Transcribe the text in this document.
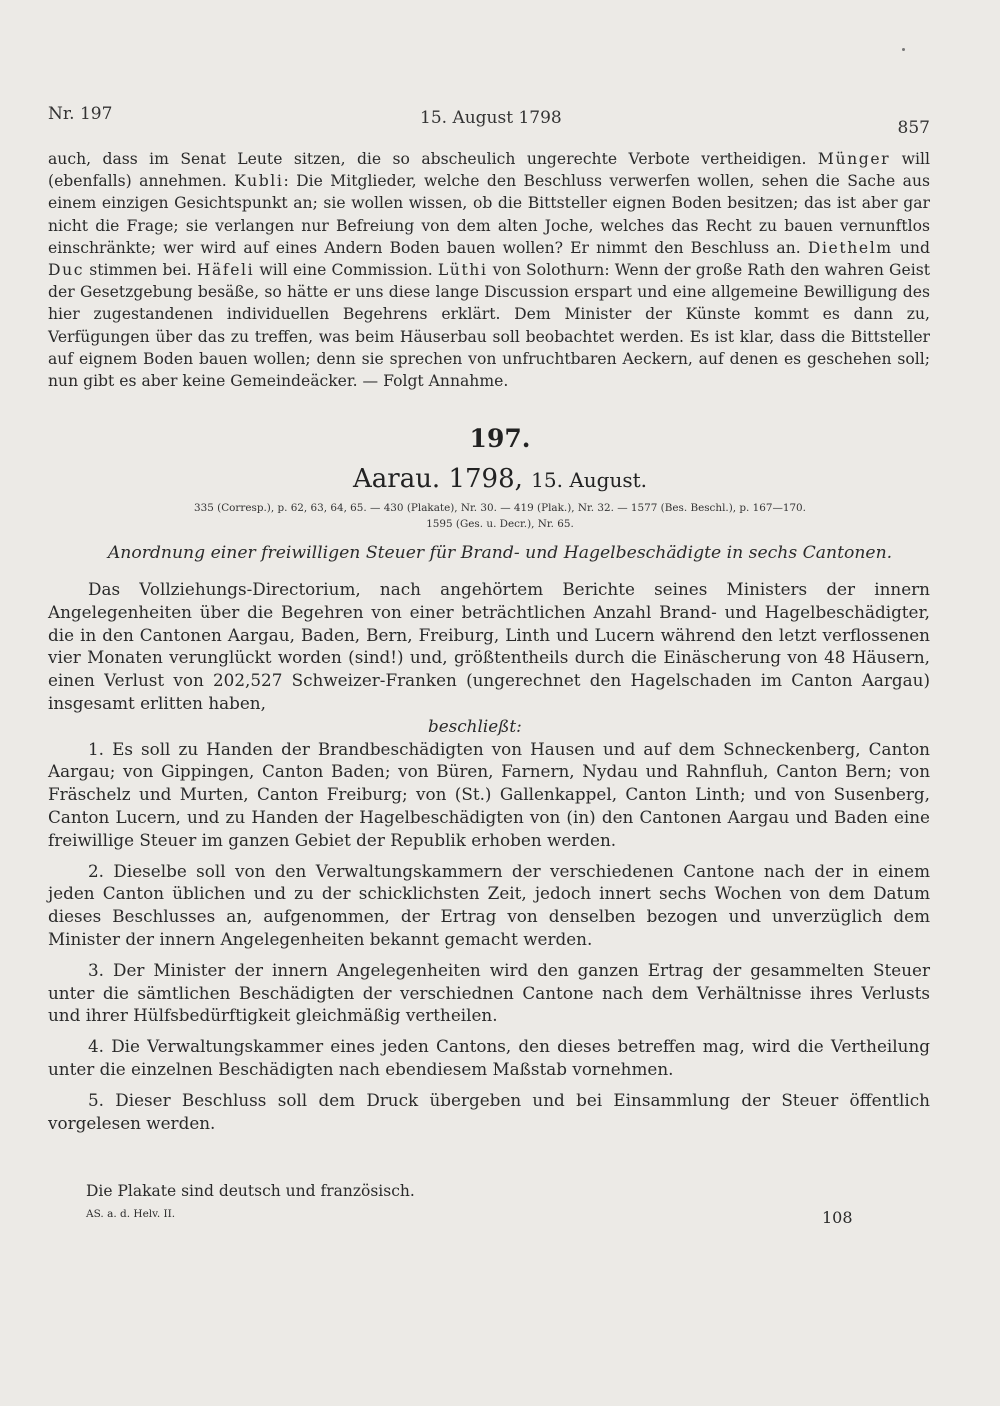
Nr. 197	15. August 1798	857

auch, dass im Senat Leute sitzen, die so abscheulich ungerechte Verbote vertheidigen. Münger will (ebenfalls) annehmen. Kubli: Die Mitglieder, welche den Beschluss verwerfen wollen, sehen die Sache aus einem einzigen Gesichtspunkt an; sie wollen wissen, ob die Bittsteller eignen Boden besitzen; das ist aber gar nicht die Frage; sie verlangen nur Befreiung von dem alten Joche, welches das Recht zu bauen vernunftlos einschränkte; wer wird auf eines Andern Boden bauen wollen? Er nimmt den Beschluss an. Diethelm und Duc stimmen bei. Häfeli will eine Commission. Lüthi von Solothurn: Wenn der große Rath den wahren Geist der Gesetzgebung besäße, so hätte er uns diese lange Discussion erspart und eine allgemeine Bewilligung des hier zugestandenen individuellen Begehrens erklärt. Dem Minister der Künste kommt es dann zu, Verfügungen über das zu treffen, was beim Häuserbau soll beobachtet werden. Es ist klar, dass die Bittsteller auf eignem Boden bauen wollen; denn sie sprechen von unfruchtbaren Aeckern, auf denen es geschehen soll; nun gibt es aber keine Gemeindeäcker. — Folgt Annahme.

197.
Aarau. 1798, 15. August.
335 (Corresp.), p. 62, 63, 64, 65. — 430 (Plakate), Nr. 30. — 419 (Plak.), Nr. 32. — 1577 (Bes. Beschl.), p. 167—170.
1595 (Ges. u. Decr.), Nr. 65.
Anordnung einer freiwilligen Steuer für Brand- und Hagelbeschädigte in sechs Cantonen.

Das Vollziehungs-Directorium, nach angehörtem Berichte seines Ministers der innern Angelegenheiten über die Begehren von einer beträchtlichen Anzahl Brand- und Hagelbeschädigter, die in den Cantonen Aargau, Baden, Bern, Freiburg, Linth und Lucern während den letzt verflossenen vier Monaten verunglückt worden (sind!) und, größtentheils durch die Einäscherung von 48 Häusern, einen Verlust von 202,527 Schweizer-Franken (ungerechnet den Hagelschaden im Canton Aargau) insgesamt erlitten haben,

beschließt:

1. Es soll zu Handen der Brandbeschädigten von Hausen und auf dem Schneckenberg, Canton Aargau; von Gippingen, Canton Baden; von Büren, Farnern, Nydau und Rahnfluh, Canton Bern; von Fräschelz und Murten, Canton Freiburg; von (St.) Gallenkappel, Canton Linth; und von Susenberg, Canton Lucern, und zu Handen der Hagelbeschädigten von (in) den Cantonen Aargau und Baden eine freiwillige Steuer im ganzen Gebiet der Republik erhoben werden.

2. Dieselbe soll von den Verwaltungskammern der verschiedenen Cantone nach der in einem jeden Canton üblichen und zu der schicklichsten Zeit, jedoch innert sechs Wochen von dem Datum dieses Beschlusses an, aufgenommen, der Ertrag von denselben bezogen und unverzüglich dem Minister der innern Angelegenheiten bekannt gemacht werden.

3. Der Minister der innern Angelegenheiten wird den ganzen Ertrag der gesammelten Steuer unter die sämtlichen Beschädigten der verschiednen Cantone nach dem Verhältnisse ihres Verlusts und ihrer Hülfsbedürftigkeit gleichmäßig vertheilen.

4. Die Verwaltungskammer eines jeden Cantons, den dieses betreffen mag, wird die Vertheilung unter die einzelnen Beschädigten nach ebendiesem Maßstab vornehmen.

5. Dieser Beschluss soll dem Druck übergeben und bei Einsammlung der Steuer öffentlich vorgelesen werden.

Die Plakate sind deutsch und französisch.
AS. a. d. Helv. II.	108
